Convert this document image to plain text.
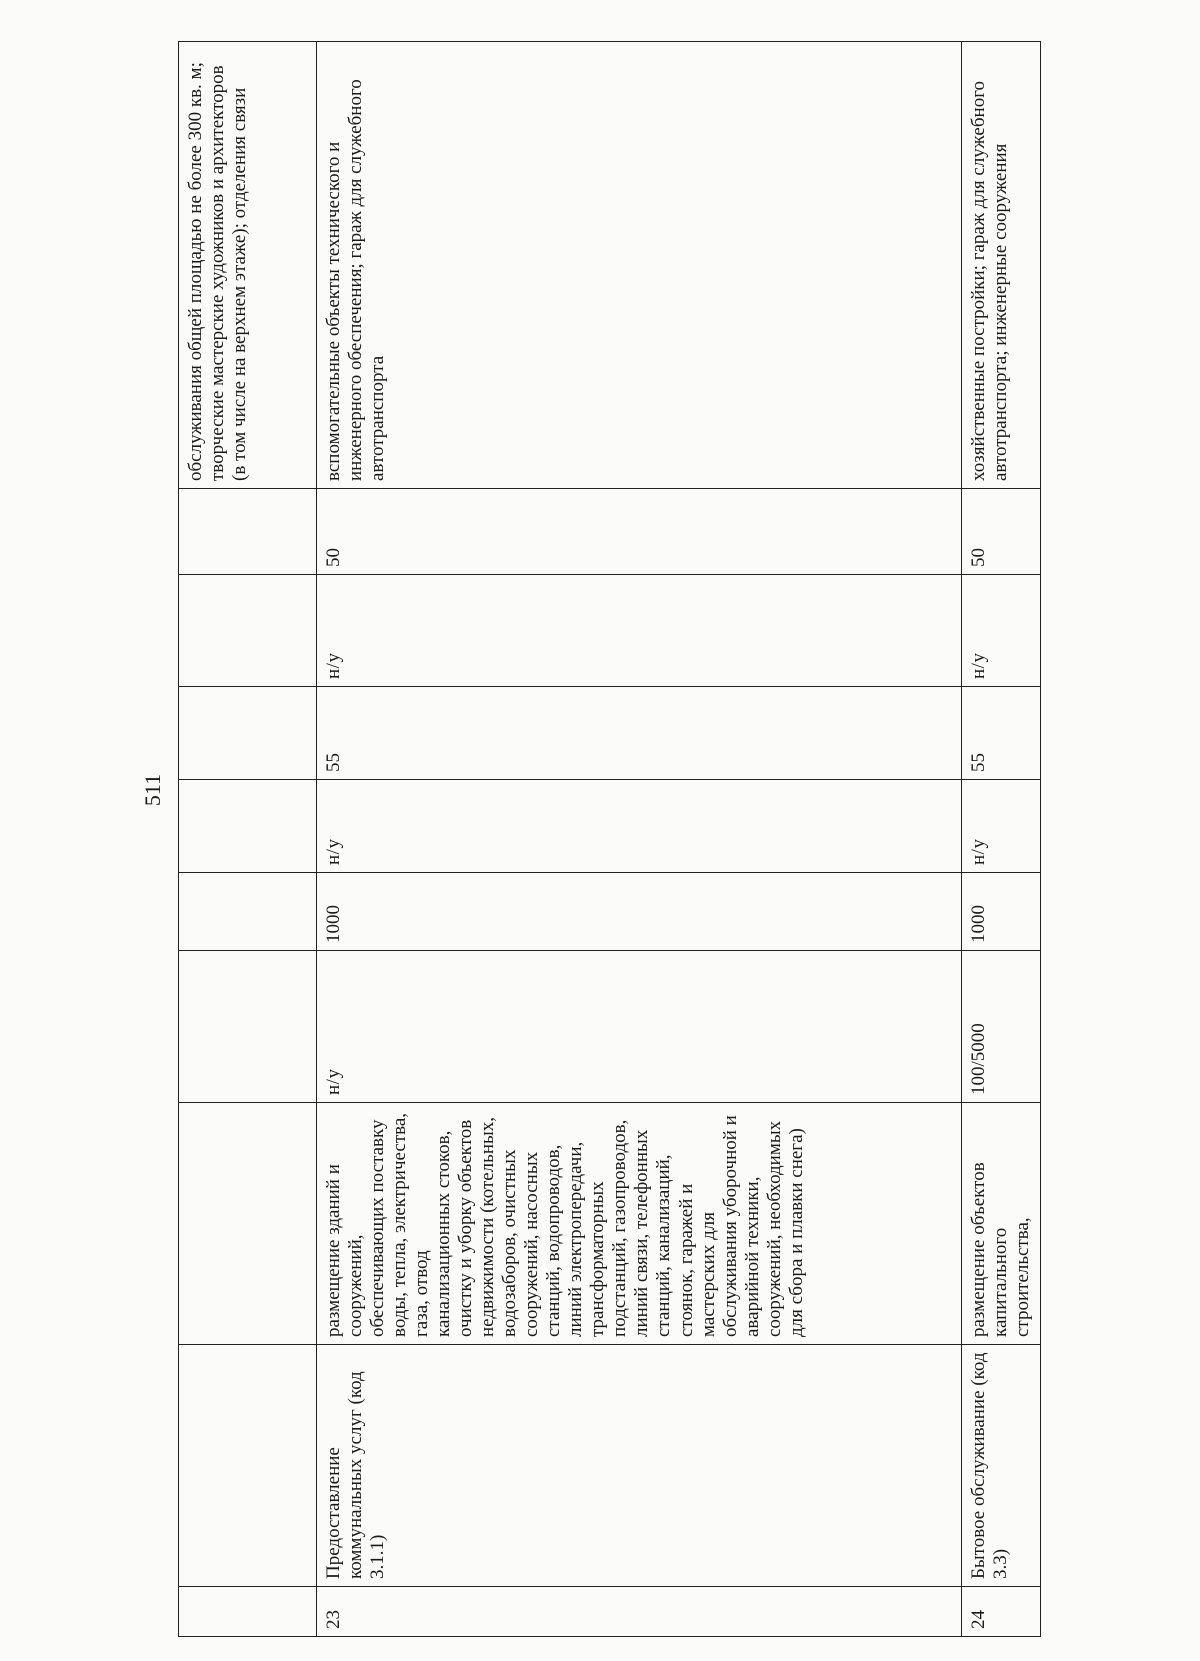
511
									обслуживания общей площадью не более 300 кв. м; творческие мастерские художников и архитекторов (в том числе на верхнем этаже); отделения связи
23	Предоставление коммунальных услуг (код 3.1.1)	размещение зданий и сооружений, обеспечивающих поставку воды, тепла, электричества, газа, отвод канализационных стоков, очистку и уборку объектов недвижимости (котельных, водозаборов, очистных сооружений, насосных станций, водопроводов, линий электропередачи, трансформаторных подстанций, газопроводов, линий связи, телефонных станций, канализаций, стоянок, гаражей и мастерских для обслуживания уборочной и аварийной техники, сооружений, необходимых для сбора и плавки снега)	н/у	1000	н/у	55	н/у	50	вспомогательные объекты технического и инженерного обеспечения; гараж для служебного автотранспорта
24	Бытовое обслуживание (код 3.3)	размещение объектов капитального строительства,	100/5000	1000	н/у	55	н/у	50	хозяйственные постройки; гараж для служебного автотранспорта; инженерные сооружения
